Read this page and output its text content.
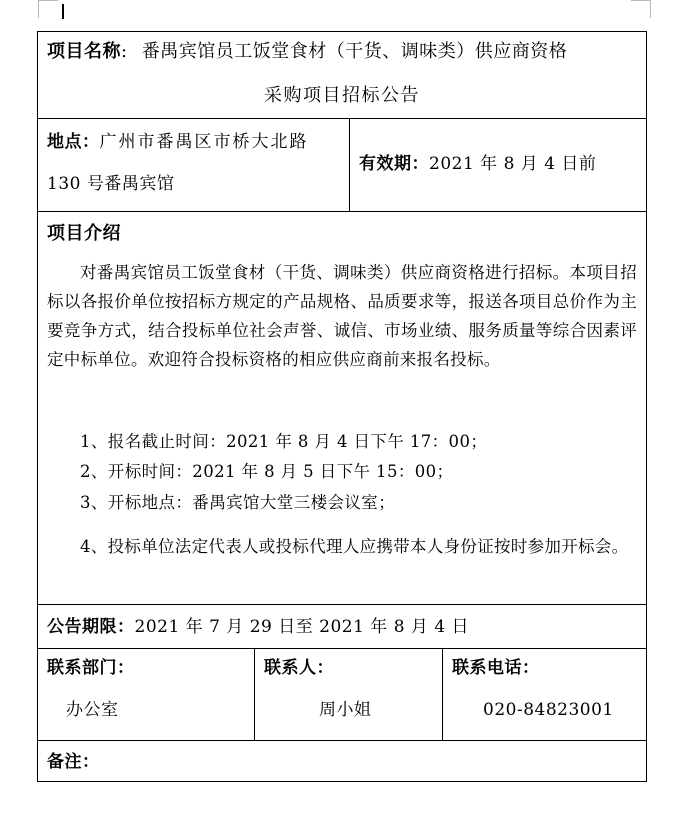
项目名称: 番禺宾馆员工饭堂食材（干货、调味类）供应商资格
采购项目招标公告
地点：广州市番禺区市桥大北路
130 号番禺宾馆
有效期：2021 年 8 月 4 日前
项目介绍
对番禺宾馆员工饭堂食材（干货、调味类）供应商资格进行招标。本项目招标以各报价单位按招标方规定的产品规格、品质要求等，报送各项目总价作为主要竞争方式，结合投标单位社会声誉、诚信、市场业绩、服务质量等综合因素评定中标单位。欢迎符合投标资格的相应供应商前来报名投标。
1、报名截止时间：2021 年 8 月 4 日下午 17：00；
2、开标时间：2021 年 8 月 5 日下午 15：00；
3、开标地点：番禺宾馆大堂三楼会议室；
4、投标单位法定代表人或投标代理人应携带本人身份证按时参加开标会。
公告期限：2021 年 7 月 29 日至 2021 年 8 月 4 日
联系部门：
办公室
联系人：
周小姐
联系电话：
020-84823001
备注：
